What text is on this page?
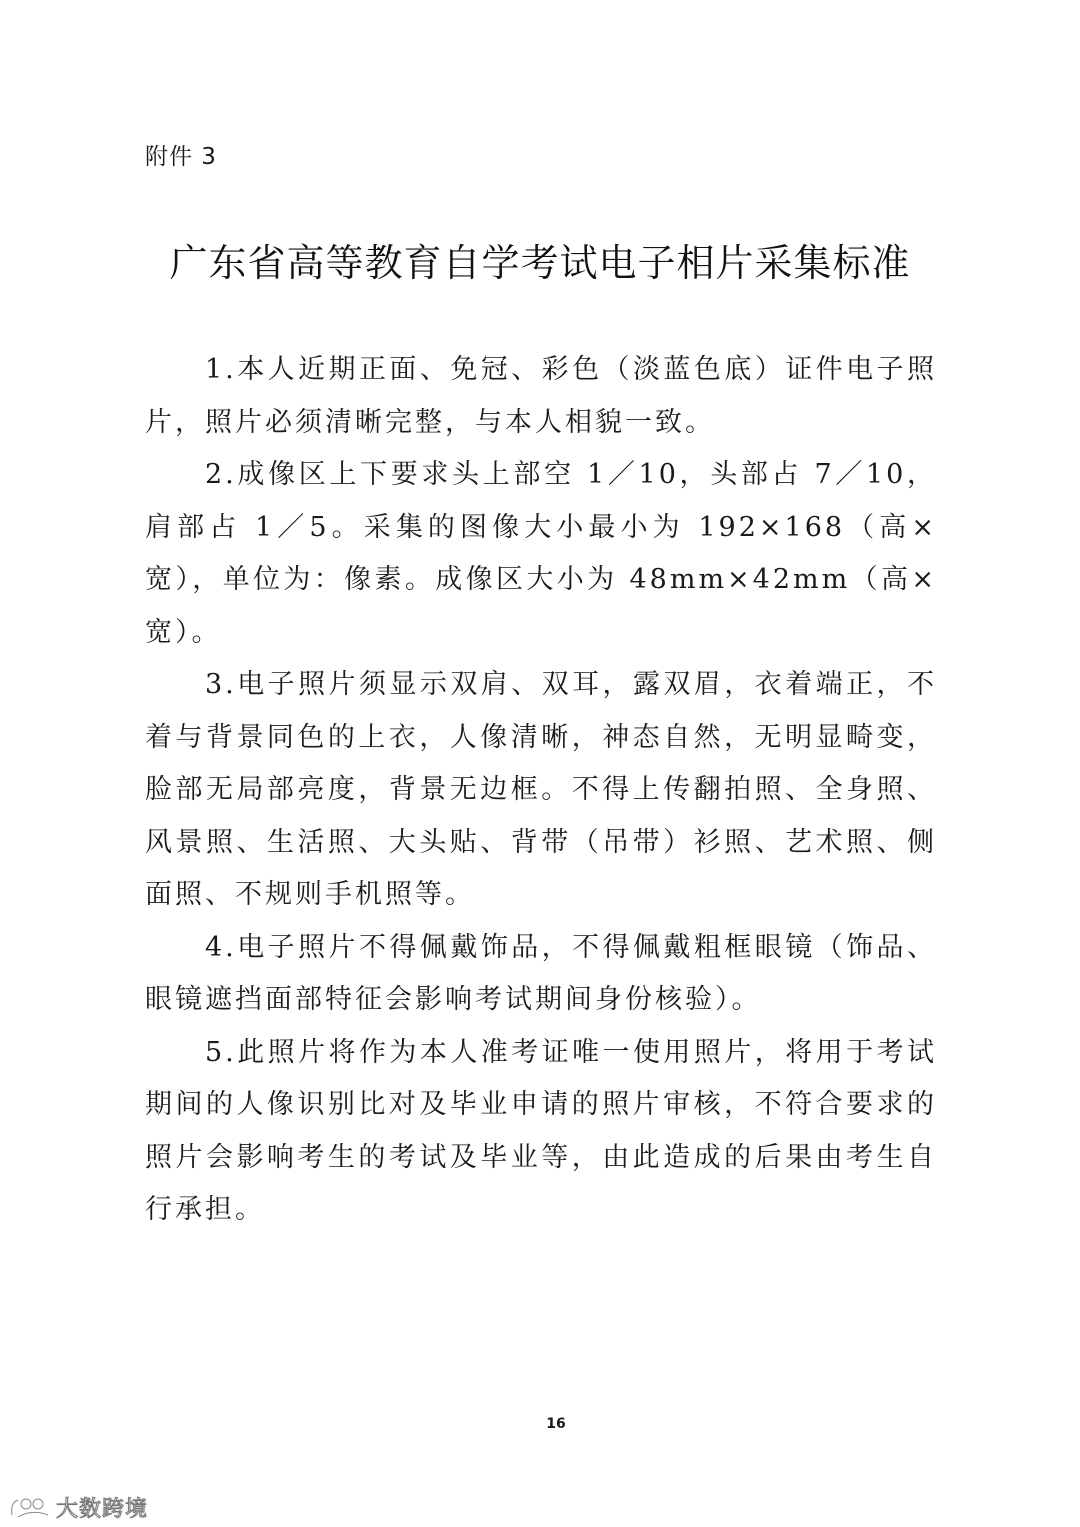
附件 3
广东省高等教育自学考试电子相片采集标准

1.本人近期正面、免冠、彩色（淡蓝色底）证件电子照片，照片必须清晰完整，与本人相貌一致。

2.成像区上下要求头上部空 1／10，头部占 7／10，肩部占 1／5。采集的图像大小最小为 192×168（高×宽），单位为：像素。成像区大小为 48mm×42mm（高×宽）。

3.电子照片须显示双肩、双耳，露双眉，衣着端正，不着与背景同色的上衣，人像清晰，神态自然，无明显畸变，脸部无局部亮度，背景无边框。不得上传翻拍照、全身照、风景照、生活照、大头贴、背带（吊带）衫照、艺术照、侧面照、不规则手机照等。

4.电子照片不得佩戴饰品，不得佩戴粗框眼镜（饰品、眼镜遮挡面部特征会影响考试期间身份核验）。

5.此照片将作为本人准考证唯一使用照片，将用于考试期间的人像识别比对及毕业申请的照片审核，不符合要求的照片会影响考生的考试及毕业等，由此造成的后果由考生自行承担。

16
大数跨境
